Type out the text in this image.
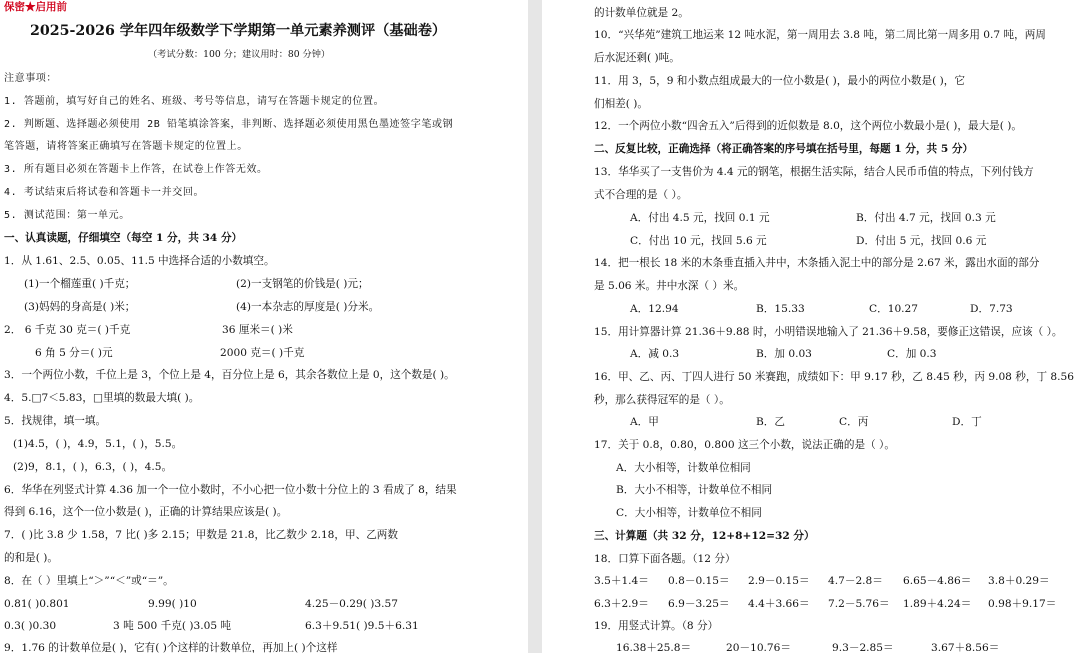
保密★启用前
2025-2026 学年四年级数学下学期第一单元素养测评（基础卷）
（考试分数：100 分；建议用时：80 分钟）
注意事项：
1. 答题前，填写好自己的姓名、班级、考号等信息，请写在答题卡规定的位置。
2. 判断题、选择题必须使用 2B 铅笔填涂答案，非判断、选择题必须使用黑色墨迹签字笔或钢
笔答题，请将答案正确填写在答题卡规定的位置上。
3. 所有题目必须在答题卡上作答，在试卷上作答无效。
4. 考试结束后将试卷和答题卡一并交回。
5. 测试范围：第一单元。
一、认真读题，仔细填空（每空 1 分，共 34 分）
1．从 1.61、2.5、0.05、11.5 中选择合适的小数填空。
(1)一个榴莲重( )千克；	(2)一支钢笔的价钱是( )元；
(3)妈妈的身高是( )米；	(4)一本杂志的厚度是( )分米。
2． 6 千克 30 克＝( )千克	36 厘米＝( )米
6 角 5 分＝( )元	2000 克＝( )千克
3．一个两位小数，千位上是 3，个位上是 4，百分位上是 6，其余各数位上是 0，这个数是( )。
4．5.□7＜5.83，□里填的数最大填( )。
5．找规律，填一填。
(1)4.5，( )，4.9，5.1，( )，5.5。
(2)9，8.1，( )，6.3，( )，4.5。
6．华华在列竖式计算 4.36 加一个一位小数时，不小心把一位小数十分位上的 3 看成了 8，结果
得到 6.16，这个一位小数是( )，正确的计算结果应该是( )。
7．( )比 3.8 少 1.58，7 比( )多 2.15；甲数是 21.8，比乙数少 2.18，甲、乙两数
的和是( )。
8．在（ ）里填上“＞”“＜”或“＝”。
0.81( )0.801	9.99( )10	4.25－0.29( )3.57
0.3( )0.30	3 吨 500 千克( )3.05 吨	6.3＋9.51( )9.5＋6.31
9．1.76 的计数单位是( )，它有( )个这样的计数单位，再加上( )个这样
的计数单位就是 2。
10．“兴华苑”建筑工地运来 12 吨水泥，第一周用去 3.8 吨，第二周比第一周多用 0.7 吨，两周
后水泥还剩( )吨。
11．用 3，5，9 和小数点组成最大的一位小数是( )，最小的两位小数是( )，它
们相差( )。
12．一个两位小数“四舍五入”后得到的近似数是 8.0，这个两位小数最小是( )，最大是( )。
二、反复比较，正确选择（将正确答案的序号填在括号里，每题 1 分，共 5 分）
13．华华买了一支售价为 4.4 元的钢笔，根据生活实际，结合人民币币值的特点，下列付钱方
式不合理的是（ ）。
A．付出 4.5 元，找回 0.1 元	B．付出 4.7 元，找回 0.3 元
C．付出 10 元，找回 5.6 元	D．付出 5 元，找回 0.6 元
14．把一根长 18 米的木条垂直插入井中，木条插入泥土中的部分是 2.67 米，露出水面的部分
是 5.06 米。井中水深（ ）米。
A．12.94	B．15.33	C．10.27	D．7.73
15．用计算器计算 21.36＋9.88 时，小明错误地输入了 21.36＋9.58，要修正这错误，应该（ ）。
A．减 0.3	B．加 0.03	C．加 0.3
16．甲、乙、丙、丁四人进行 50 米赛跑，成绩如下：甲 9.17 秒，乙 8.45 秒，丙 9.08 秒，丁 8.56
秒，那么获得冠军的是（ ）。
A．甲	B．乙	C．丙	D．丁
17．关于 0.8，0.80，0.800 这三个小数，说法正确的是（ ）。
A．大小相等，计数单位相同
B．大小不相等，计数单位不相同
C．大小相等，计数单位不相同
三、计算题（共 32 分，12+8+12=32 分）
18．口算下面各题。（12 分）
3.5＋1.4＝ 0.8－0.15＝ 2.9－0.15＝ 4.7－2.8＝ 6.65－4.86＝ 3.8＋0.29＝
6.3＋2.9＝ 6.9－3.25＝ 4.4＋3.66＝ 7.2－5.76＝ 1.89＋4.24＝ 0.98＋9.17＝
19．用竖式计算。（8 分）
16.38＋25.8＝	20－10.76＝	9.3－2.85＝	3.67＋8.56＝
